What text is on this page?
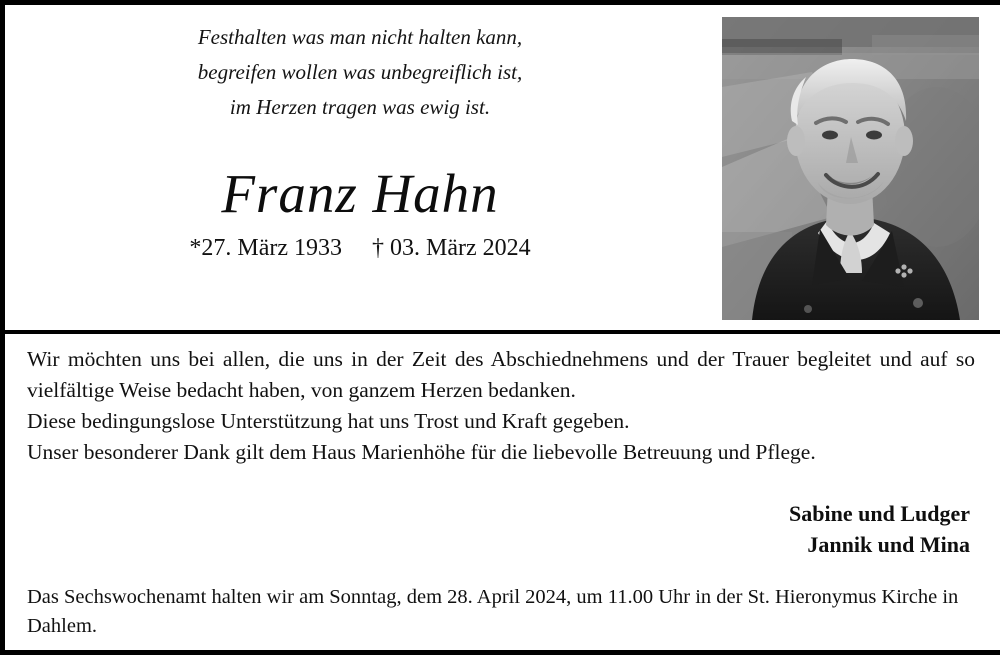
Festhalten was man nicht halten kann,
begreifen wollen was unbegreiflich ist,
im Herzen tragen was ewig ist.
Franz Hahn
*27. März 1933 † 03. März 2024

Wir möchten uns bei allen, die uns in der Zeit des Abschiednehmens und der Trauer begleitet und auf so vielfältige Weise bedacht haben, von ganzem Herzen bedanken.

Diese bedingungslose Unterstützung hat uns Trost und Kraft gegeben.

Unser besonderer Dank gilt dem Haus Marienhöhe für die liebevolle Betreuung und Pflege.

Sabine und Ludger
Jannik und Mina

Das Sechswochenamt halten wir am Sonntag, dem 28. April 2024, um 11.00 Uhr in der St. Hieronymus Kirche in Dahlem.
